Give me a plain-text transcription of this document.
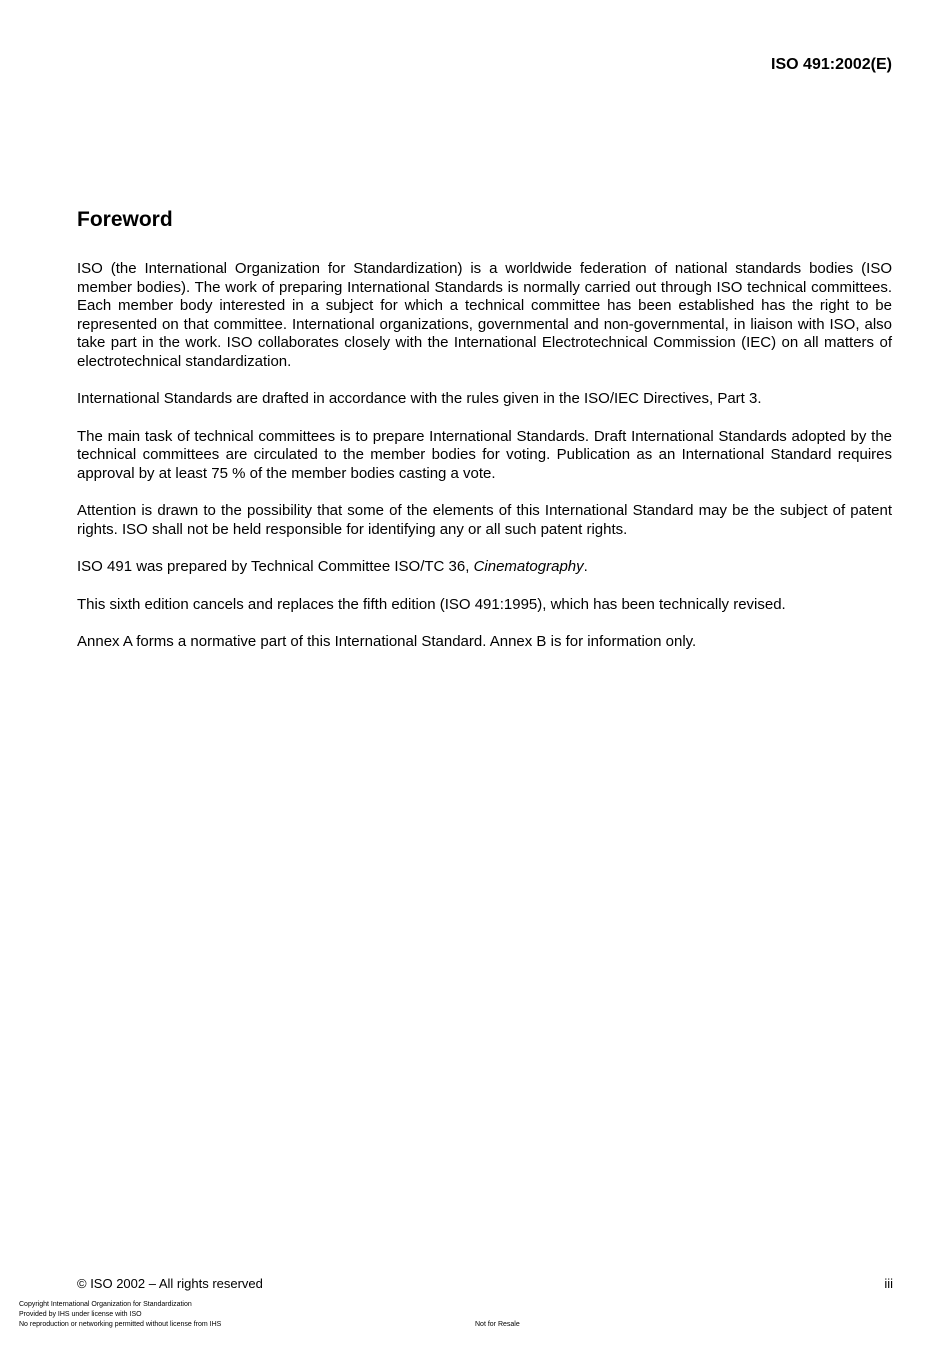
ISO 491:2002(E)
Foreword

ISO (the International Organization for Standardization) is a worldwide federation of national standards bodies (ISO member bodies). The work of preparing International Standards is normally carried out through ISO technical committees. Each member body interested in a subject for which a technical committee has been established has the right to be represented on that committee. International organizations, governmental and non-governmental, in liaison with ISO, also take part in the work. ISO collaborates closely with the International Electrotechnical Commission (IEC) on all matters of electrotechnical standardization.

International Standards are drafted in accordance with the rules given in the ISO/IEC Directives, Part 3.

The main task of technical committees is to prepare International Standards. Draft International Standards adopted by the technical committees are circulated to the member bodies for voting. Publication as an International Standard requires approval by at least 75 % of the member bodies casting a vote.

Attention is drawn to the possibility that some of the elements of this International Standard may be the subject of patent rights. ISO shall not be held responsible for identifying any or all such patent rights.

ISO 491 was prepared by Technical Committee ISO/TC 36, Cinematography.

This sixth edition cancels and replaces the fifth edition (ISO 491:1995), which has been technically revised.

Annex A forms a normative part of this International Standard. Annex B is for information only.

© ISO 2002 – All rights reserved	iii
Copyright International Organization for Standardization
Provided by IHS under license with ISO
No reproduction or networking permitted without license from IHS	Not for Resale
